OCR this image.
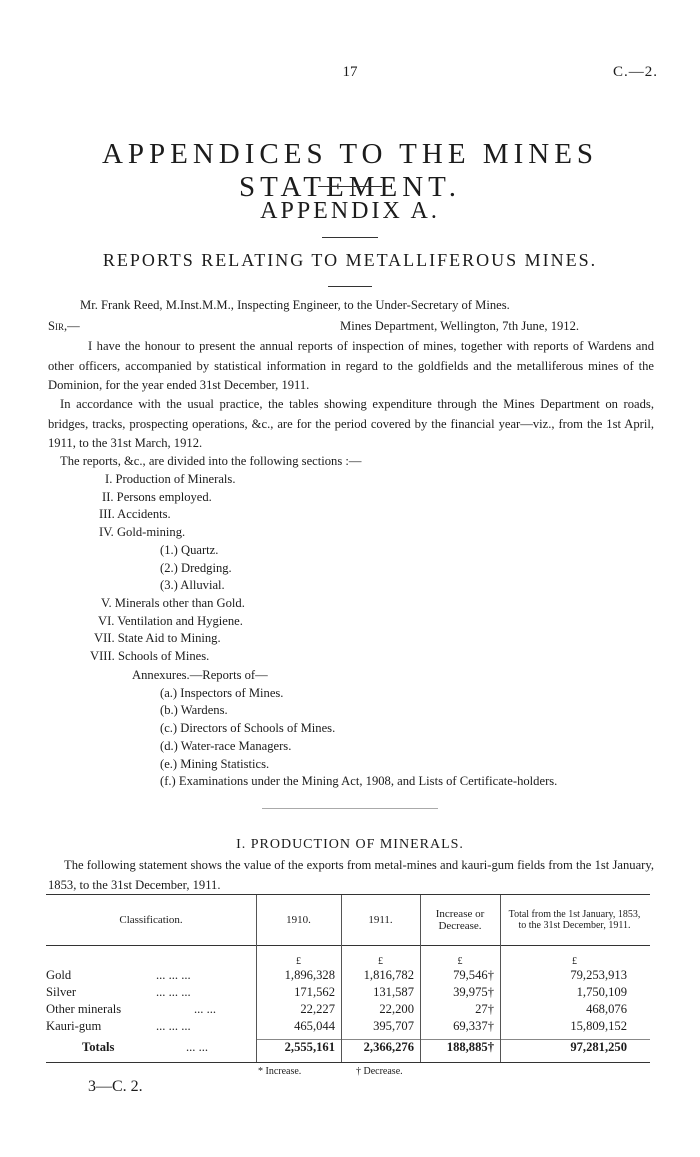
17	C.—2.
APPENDICES TO THE MINES STATEMENT.
APPENDIX A.
REPORTS RELATING TO METALLIFEROUS MINES.
Mr. Frank Reed, M.Inst.M.M., Inspecting Engineer, to the Under-Secretary of Mines.
Sir,—	Mines Department, Wellington, 7th June, 1912.
I have the honour to present the annual reports of inspection of mines, together with reports of Wardens and other officers, accompanied by statistical information in regard to the goldfields and the metalliferous mines of the Dominion, for the year ended 31st December, 1911.
In accordance with the usual practice, the tables showing expenditure through the Mines Department on roads, bridges, tracks, prospecting operations, &c., are for the period covered by the financial year—viz., from the 1st April, 1911, to the 31st March, 1912.
The reports, &c., are divided into the following sections :—
I. Production of Minerals.
II. Persons employed.
III. Accidents.
IV. Gold-mining.
(1.) Quartz.
(2.) Dredging.
(3.) Alluvial.
V. Minerals other than Gold.
VI. Ventilation and Hygiene.
VII. State Aid to Mining.
VIII. Schools of Mines.
Annexures.—Reports of—
(a.) Inspectors of Mines.
(b.) Wardens.
(c.) Directors of Schools of Mines.
(d.) Water-race Managers.
(e.) Mining Statistics.
(f.) Examinations under the Mining Act, 1908, and Lists of Certificate-holders.
I. PRODUCTION OF MINERALS.
The following statement shows the value of the exports from metal-mines and kauri-gum fields from the 1st January, 1853, to the 31st December, 1911.
Classification.	1910.	1911.	Increase or Decrease.	Total from the 1st January, 1853, to the 31st December, 1911.
	£	£	£	£
Gold ... ... ...	1,896,328	1,816,782	79,546†	79,253,913
Silver ... ... ...	171,562	131,587	39,975†	1,750,109
Other minerals ... ...	22,227	22,200	27†	468,076
Kauri-gum ... ... ...	465,044	395,707	69,337†	15,809,152
Totals ... ...	2,555,161	2,366,276	188,885†	97,281,250
* Increase.	† Decrease.
3—C. 2.
